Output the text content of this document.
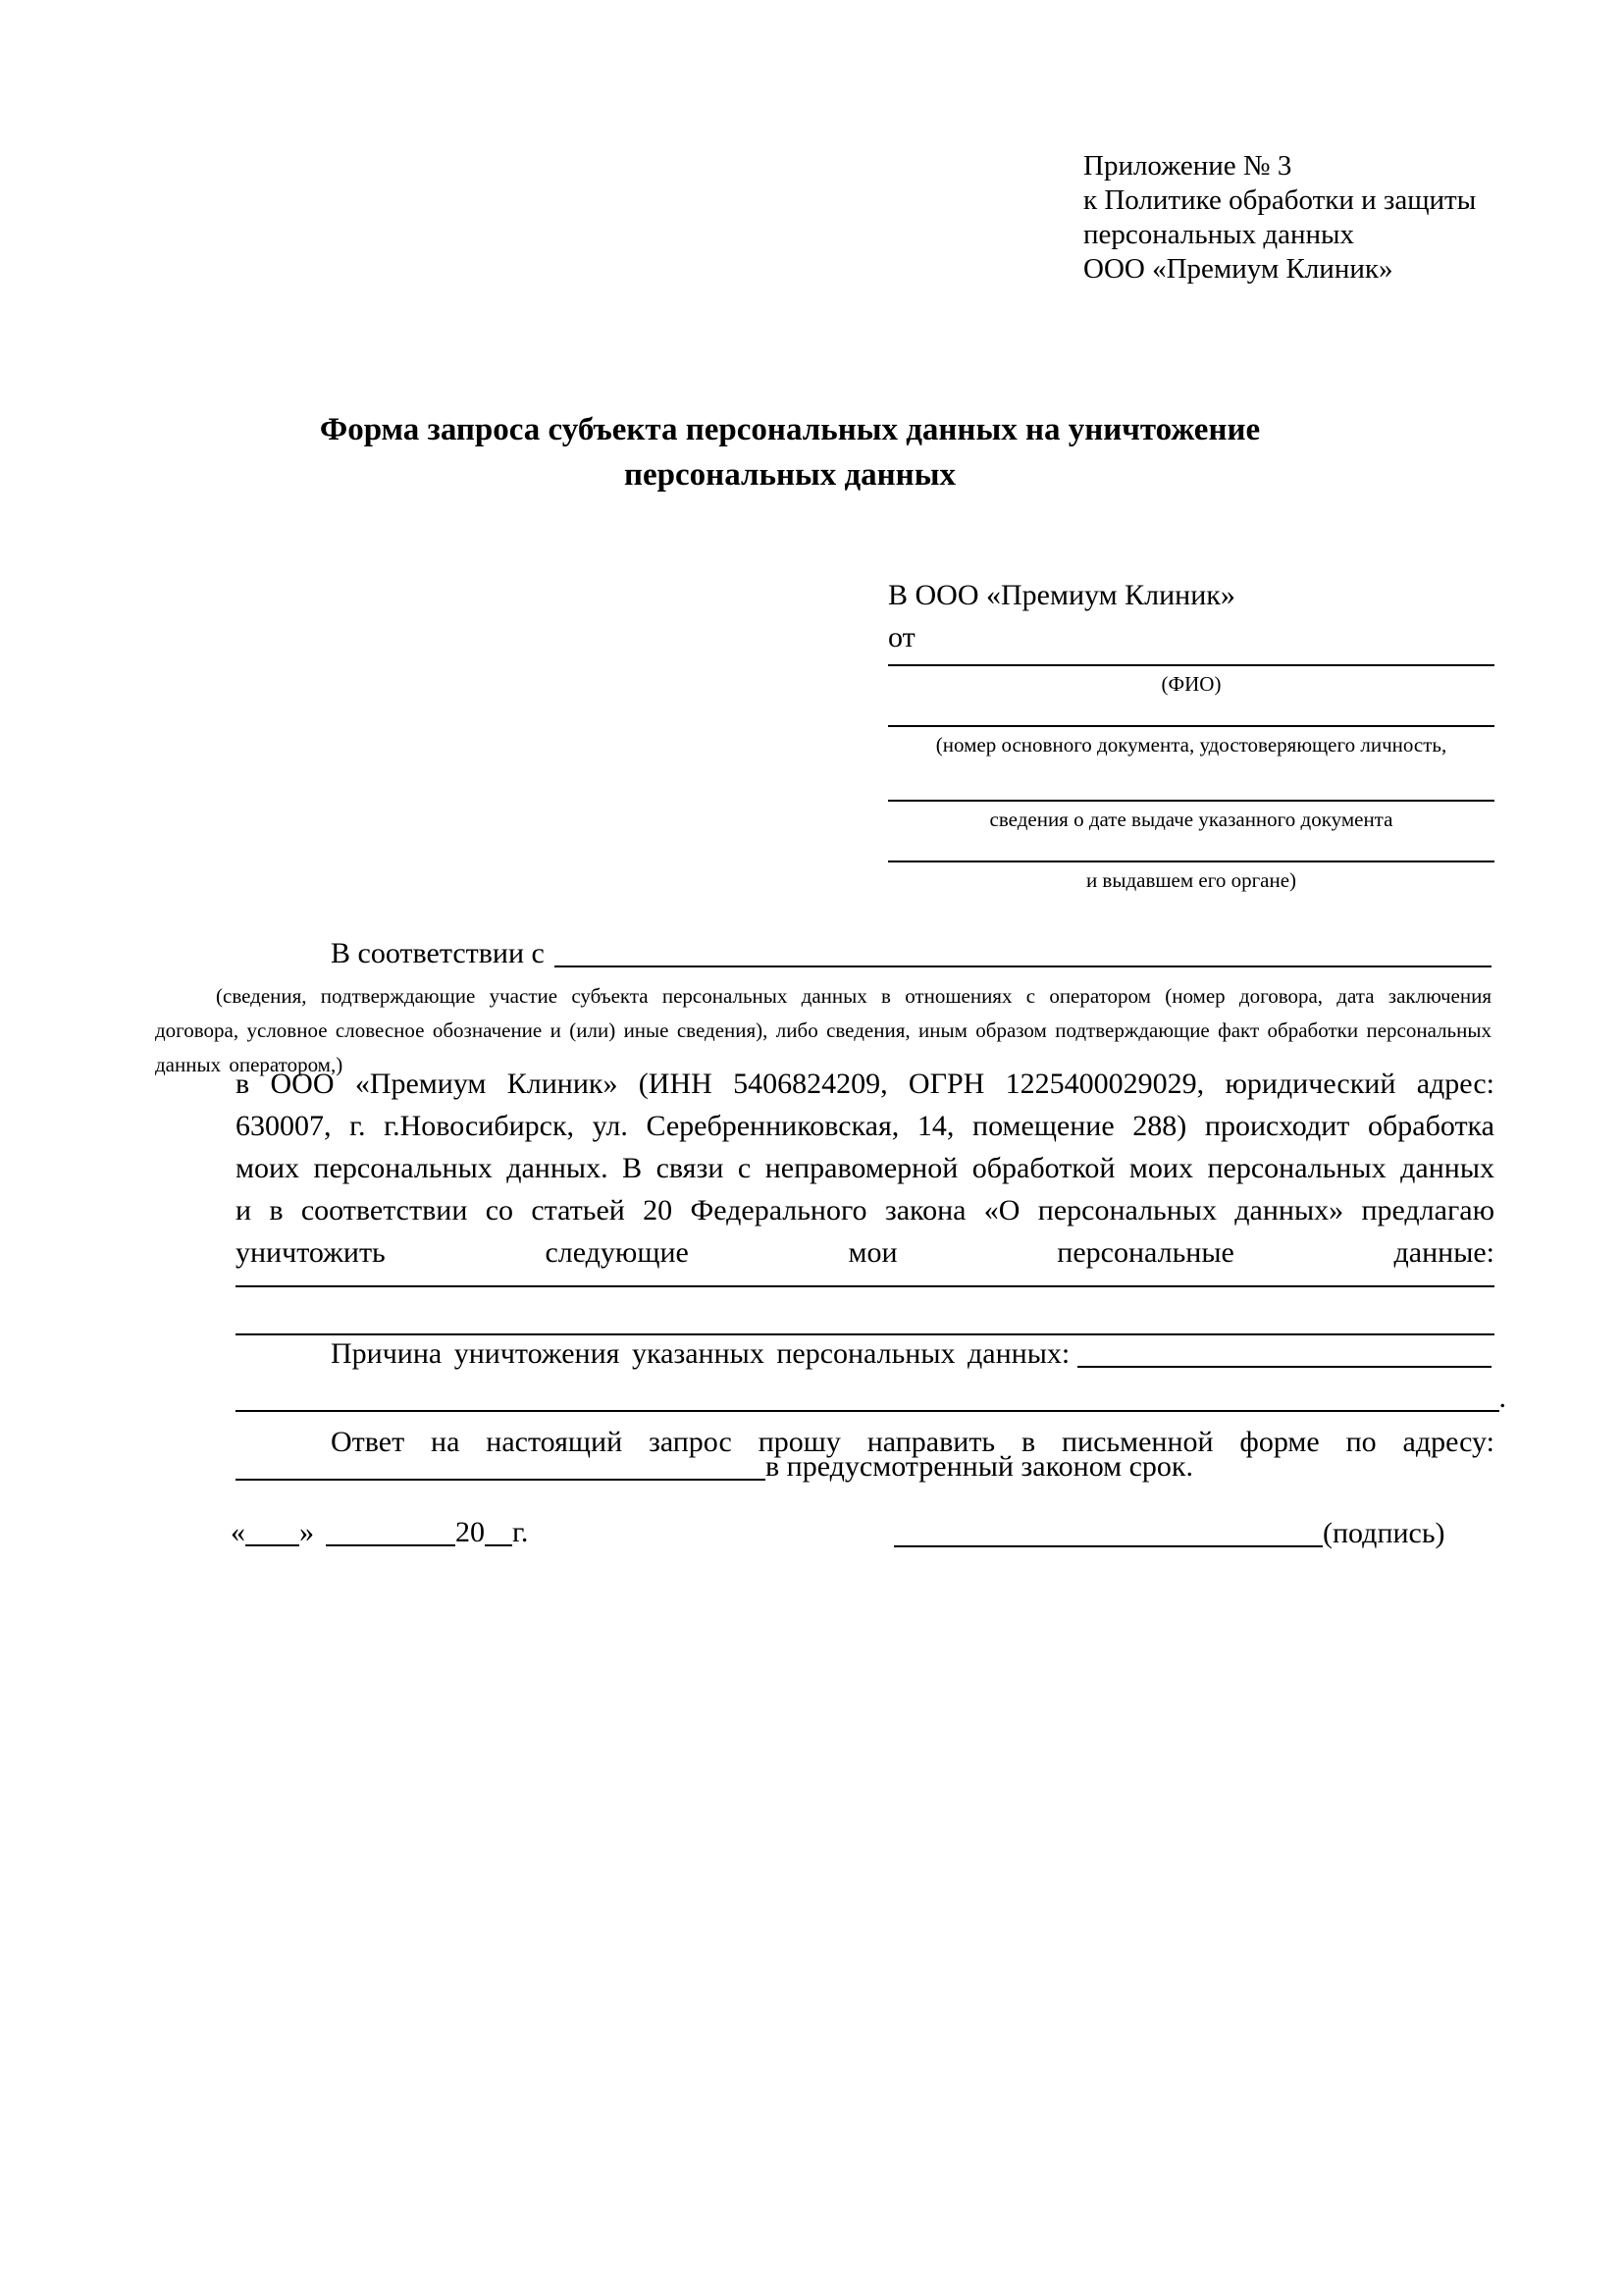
Приложение № 3
к Политике обработки и защиты
персональных данных
ООО «Премиум Клиник»
Форма запроса субъекта персональных данных на уничтожение персональных данных
В ООО «Премиум Клиник»
от
(ФИО)
(номер основного документа, удостоверяющего личность,
сведения о дате выдаче указанного документа
и выдавшем его органе)
В соответствии с
(сведения, подтверждающие участие субъекта персональных данных в отношениях с оператором (номер договора, дата заключения договора, условное словесное обозначение и (или) иные сведения), либо сведения, иным образом подтверждающие факт обработки персональных данных оператором,)
в ООО «Премиум Клиник» (ИНН 5406824209, ОГРН 1225400029029, юридический адрес: 630007, г. г.Новосибирск, ул. Серебренниковская, 14, помещение 288) происходит обработка моих персональных данных. В связи с неправомерной обработкой моих персональных данных и в соответствии со статьей 20 Федерального закона «О персональных данных» предлагаю уничтожить следующие мои персональные данные:
Причина уничтожения указанных персональных данных:
.
Ответ на настоящий запрос прошу направить в письменной форме по адресу:
в предусмотренный законом срок.
« »	20 г.	(подпись)
